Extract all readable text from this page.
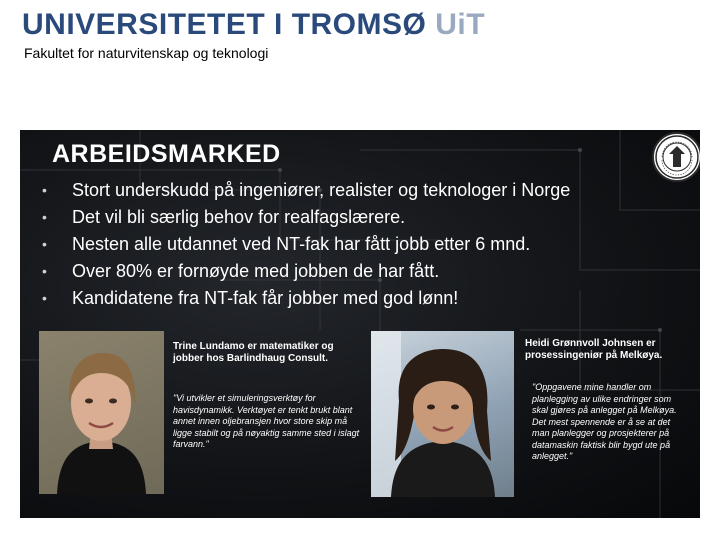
UNIVERSITETET I TROMSØ UiT
Fakultet for naturvitenskap og teknologi
ARBEIDSMARKED
• Stort underskudd på ingeniører, realister og teknologer i Norge
• Det vil bli særlig behov for realfagslærere.
• Nesten alle utdannet ved NT-fak har fått jobb etter 6 mnd.
• Over 80% er fornøyde med jobben de har fått.
• Kandidatene fra NT-fak får jobber med god lønn!
Trine Lundamo er matematiker og jobber hos Barlindhaug Consult.
"Vi utvikler et simuleringsverktøy for havisdynamikk. Verktøyet er tenkt brukt blant annet innen oljebransjen hvor store skip må ligge stabilt og på nøyaktig samme sted i islagt farvann."
Heidi Grønnvoll Johnsen er prosessingeniør på Melkøya.
"Oppgavene mine handler om planlegging av ulike endringer som skal gjøres på anlegget på Melkøya. Det mest spennende er å se at det man planlegger og prosjekterer på datamaskin faktisk blir bygd ute på anlegget."
